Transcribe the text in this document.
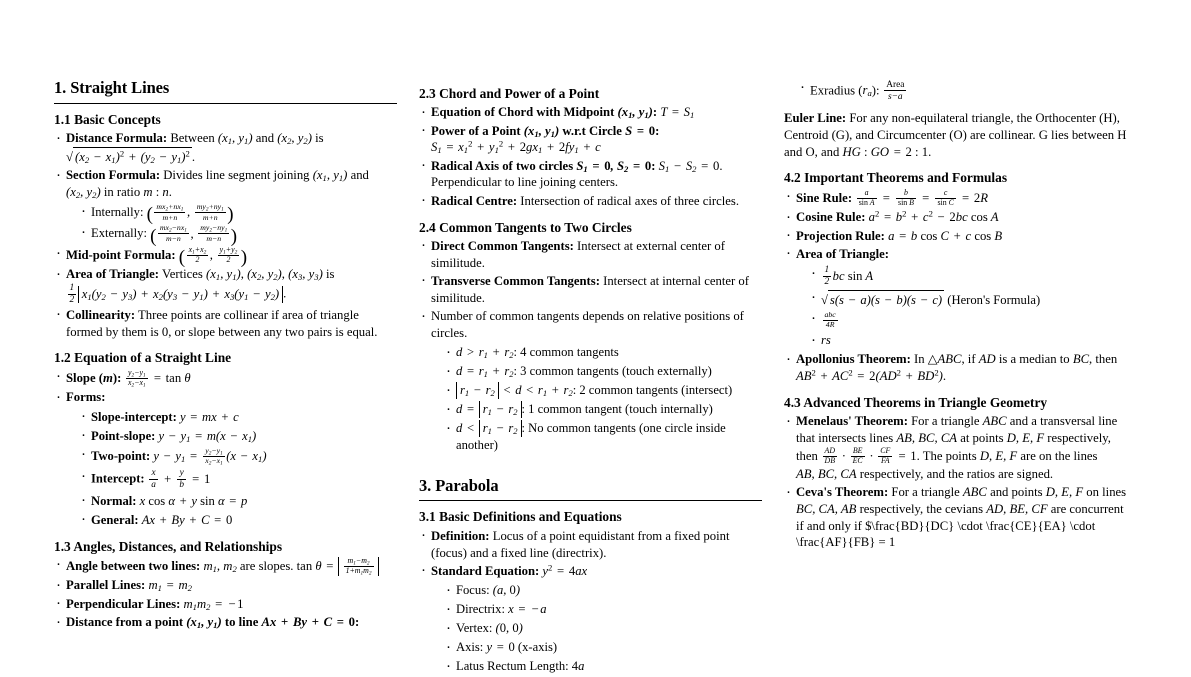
1. Straight Lines
1.1 Basic Concepts
· Distance Formula: Between ($x_1$, $y_1$) and ($x_2$, $y_2$) is √ $(x_2 - x_1)^2 + (y_2 - y_1)^2$ .
· Section Formula: Divides line segment joining ($x_1$, $y_1$) and ($x_2$, $y_2$) in ratio m : n.
· Internally: ( $\frac{mx_2+nx_1}{m+n}$ , $\frac{my_2+ny_1}{m+n}$ )
· Externally: ( $\frac{mx_2-nx_1}{m-n}$ , $\frac{my_2-ny_1}{m-n}$ )
· Mid-point Formula: ( $\frac{x_1+x_2}{2}$ , $\frac{y_1+y_2}{2}$ )
· Area of Triangle: Vertices ($x_1$, $y_1$), ($x_2$, $y_2$), ($x_3$, $y_3$) is
$\frac{1}{2} x_1(y_2 - y_3) + x_2(y_3 - y_1) + x_3(y_1 - y_2)$ .
· Collinearity: Three points are collinear if area of triangle formed by them is 0, or slope between any two pairs is equal.
1.2 Equation of a Straight Line
· Slope (m): $\frac{y_2-y_1}{x_2-x_1} = \tan \theta$
· Forms:
· Slope-intercept: y = mx + c
· Point-slope: $y - y_1 = m(x - x_1)$
· Two-point: $y - y_1 = \frac{y_2-y_1}{x_2-x_1} (x - x_1)$
· Intercept: $\frac{x}{a} + \frac{y}{b} = 1$
· Normal: x cos α + y sin α = p
· General: Ax + By + C = 0
1.3 Angles, Distances, and Relationships
· Angle between two lines: $m_1$, $m_2$ are slopes. $\tan \theta = \frac{m_1-m_2}{1+m_1m_2}$
· Parallel Lines: $m_1 = m_2$
· Perpendicular Lines: $m_1m_2$ = − 1
· Distance from a point ($x_1$, $y_1$) to line Ax + By + C = 0:
2.3 Chord and Power of a Point
· Equation of Chord with Midpoint ($x_1$, $y_1$): $T = S_1$
· Power of a Point ($x_1$, $y_1$) w.r.t Circle S = 0: $S_1 = x_1^2 + y_1^2 + 2gx_1 + 2fy_1 + c$
· Radical Axis of two circles $S_1 = 0$, $S_2 = 0$: $S_1 - S_2 = 0$. Perpendicular to line joining centers.
· Radical Centre: Intersection of radical axes of three circles.
2.4 Common Tangents to Two Circles
· Direct Common Tangents: Intersect at external center of similitude.
· Transverse Common Tangents: Intersect at internal center of similitude.
· Number of common tangents depends on relative positions of circles.
· $d > r_1 + r_2$: 4 common tangents
· $d = r_1 + r_2$: 3 common tangents (touch externally)
· $r_1 - r_2 < d < r_1 + r_2$: 2 common tangents (intersect)
· $d = r_1 - r_2$ : 1 common tangent (touch internally)
· $d < r_1 - r_2$ : No common tangents (one circle inside another)
3. Parabola
3.1 Basic Definitions and Equations
· Definition: Locus of a point equidistant from a fixed point (focus) and a fixed line (directrix).
· Standard Equation: $y^2 = 4ax$
· Focus: (a, 0)
· Directrix: x = − a
· Vertex: (0, 0)
· Axis: y = 0 (x-axis)
· Latus Rectum Length: 4a
· Exradius $(r_a)$: $\frac{\text{Area}}{s-a}$

Euler Line: For any non-equilateral triangle, the Orthocenter (H), Centroid (G), and Circumcenter (O) are collinear. G lies between H and O, and HG : GO = 2 : 1.

4.2 Important Theorems and Formulas
· Sine Rule: $\frac{a}{\text{sin A}} = \frac{b}{\text{sin B}} = \frac{c}{\text{sin C}} = 2R$
· Cosine Rule: $a^2 = b^2 + c^2 - 2bc$ cos A
· Projection Rule: a = b cos C + c cos B
· Area of Triangle:
· $\frac{1}{2}$ bc sin A
· √ s(s − a)(s − b)(s − c) (Heron's Formula)
· $\frac{\text{abc}}{4R}$
· rs
· Apollonius Theorem: In △ABC, if AD is a median to BC, then $AB^2 + AC^2 = 2(AD^2 + BD^2)$.
4.3 Advanced Theorems in Triangle Geometry
· Menelaus' Theorem: For a triangle ABC and a transversal line that intersects lines AB, BC, CA at points D, E, F respectively, then $\frac{AD}{DB} \cdot \frac{BE}{EC} \cdot \frac{CF}{FA} = 1$. The points D, E, F are on the lines AB, BC, CA respectively, and the ratios are signed.
· Ceva's Theorem: For a triangle ABC and points D, E, F on lines BC, CA, AB respectively, the cevians AD, BE, CF are concurrent if and only if $\frac{BD}{DC} \cdot \frac{CE}{EA} \cdot \frac{AF}{FB} = 1
